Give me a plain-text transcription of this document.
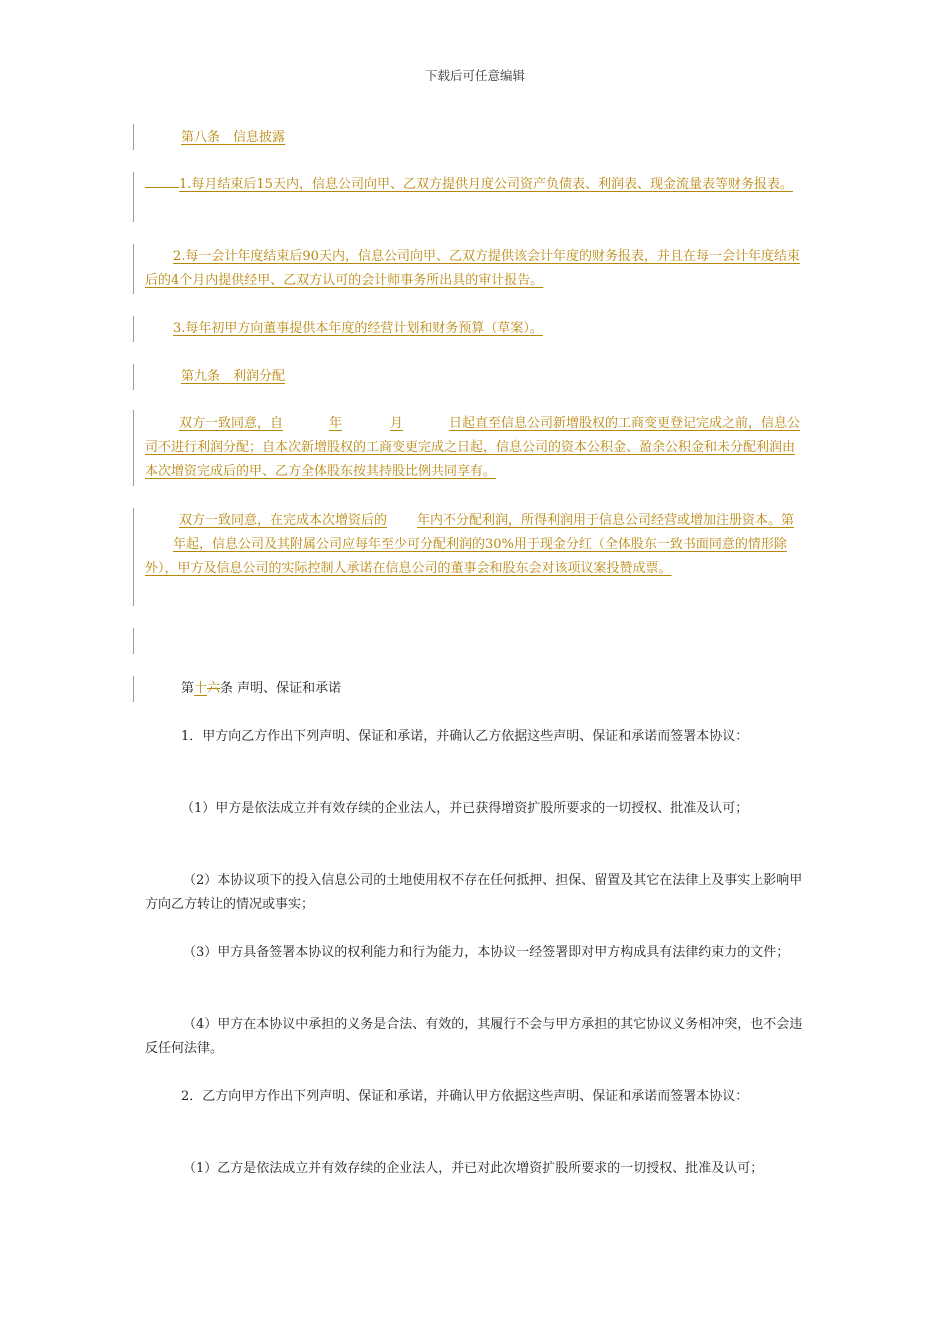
下载后可任意编辑

第八条　信息披露

1.每月结束后15天内，信息公司向甲、乙双方提供月度公司资产负债表、利润表、现金流量表等财务报表。

2.每一会计年度结束后90天内，信息公司向甲、乙双方提供该会计年度的财务报表，并且在每一会计年度结束后的4个月内提供经甲、乙双方认可的会计师事务所出具的审计报告。

3.每年初甲方向董事提供本年度的经营计划和财务预算（草案）。

第九条　利润分配

双方一致同意，自	年	月	日起直至信息公司新增股权的工商变更登记完成之前，信息公司不进行利润分配；自本次新增股权的工商变更完成之日起，信息公司的资本公积金、盈余公积金和未分配利润由本次增资完成后的甲、乙方全体股东按其持股比例共同享有。

双方一致同意，在完成本次增资后的 年内不分配利润，所得利润用于信息公司经营或增加注册资本。第年起，信息公司及其附属公司应每年至少可分配利润的30%用于现金分红（全体股东一致书面同意的情形除外），甲方及信息公司的实际控制人承诺在信息公司的董事会和股东会对该项议案投赞成票。

第十六条 声明、保证和承诺

1．甲方向乙方作出下列声明、保证和承诺，并确认乙方依据这些声明、保证和承诺而签署本协议：

（1）甲方是依法成立并有效存续的企业法人，并已获得增资扩股所要求的一切授权、批准及认可；

（2）本协议项下的投入信息公司的土地使用权不存在任何抵押、担保、留置及其它在法律上及事实上影响甲方向乙方转让的情况或事实；

（3）甲方具备签署本协议的权利能力和行为能力，本协议一经签署即对甲方构成具有法律约束力的文件；

（4）甲方在本协议中承担的义务是合法、有效的，其履行不会与甲方承担的其它协议义务相冲突，也不会违反任何法律。

2．乙方向甲方作出下列声明、保证和承诺，并确认甲方依据这些声明、保证和承诺而签署本协议：

（1）乙方是依法成立并有效存续的企业法人，并已对此次增资扩股所要求的一切授权、批准及认可；
